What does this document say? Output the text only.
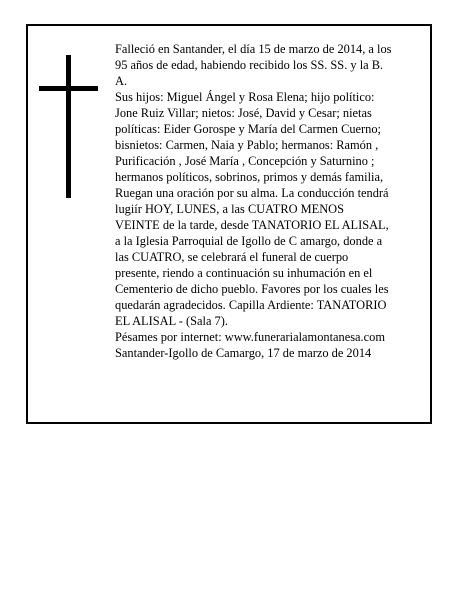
Falleció en Santander, el día 15 de marzo de 2014, a los

95 años de edad, habiendo recibido los SS. SS. y la B.

A.

Sus hijos: Miguel Ángel y Rosa Elena; hijo político:

Jone Ruiz Villar; nietos: José, David y Cesar; nietas

políticas: Eider Gorospe y María del Carmen Cuerno;

bisnietos: Carmen, Naia y Pablo; hermanos: Ramón ,

Purificación , José María , Concepción y Saturnino ;

hermanos políticos, sobrinos, primos y demás familia,

Ruegan una oración por su alma. La conducción tendrá

lugiír HOY, LUNES, a las CUATRO MENOS

VEINTE de la tarde, desde TANATORIO EL ALISAL,

a la Iglesia Parroquial de Igollo de C amargo, donde a

las CUATRO, se celebrará el funeral de cuerpo

presente, riendo a continuación su inhumación en el

Cementerio de dicho pueblo. Favores por los cuales les

quedarán agradecidos. Capilla Ardiente: TANATORIO

EL ALISAL - (Sala 7).

Pésames por internet: www.funerarialamontanesa.com

Santander-Igollo de Camargo, 17 de marzo de 2014
